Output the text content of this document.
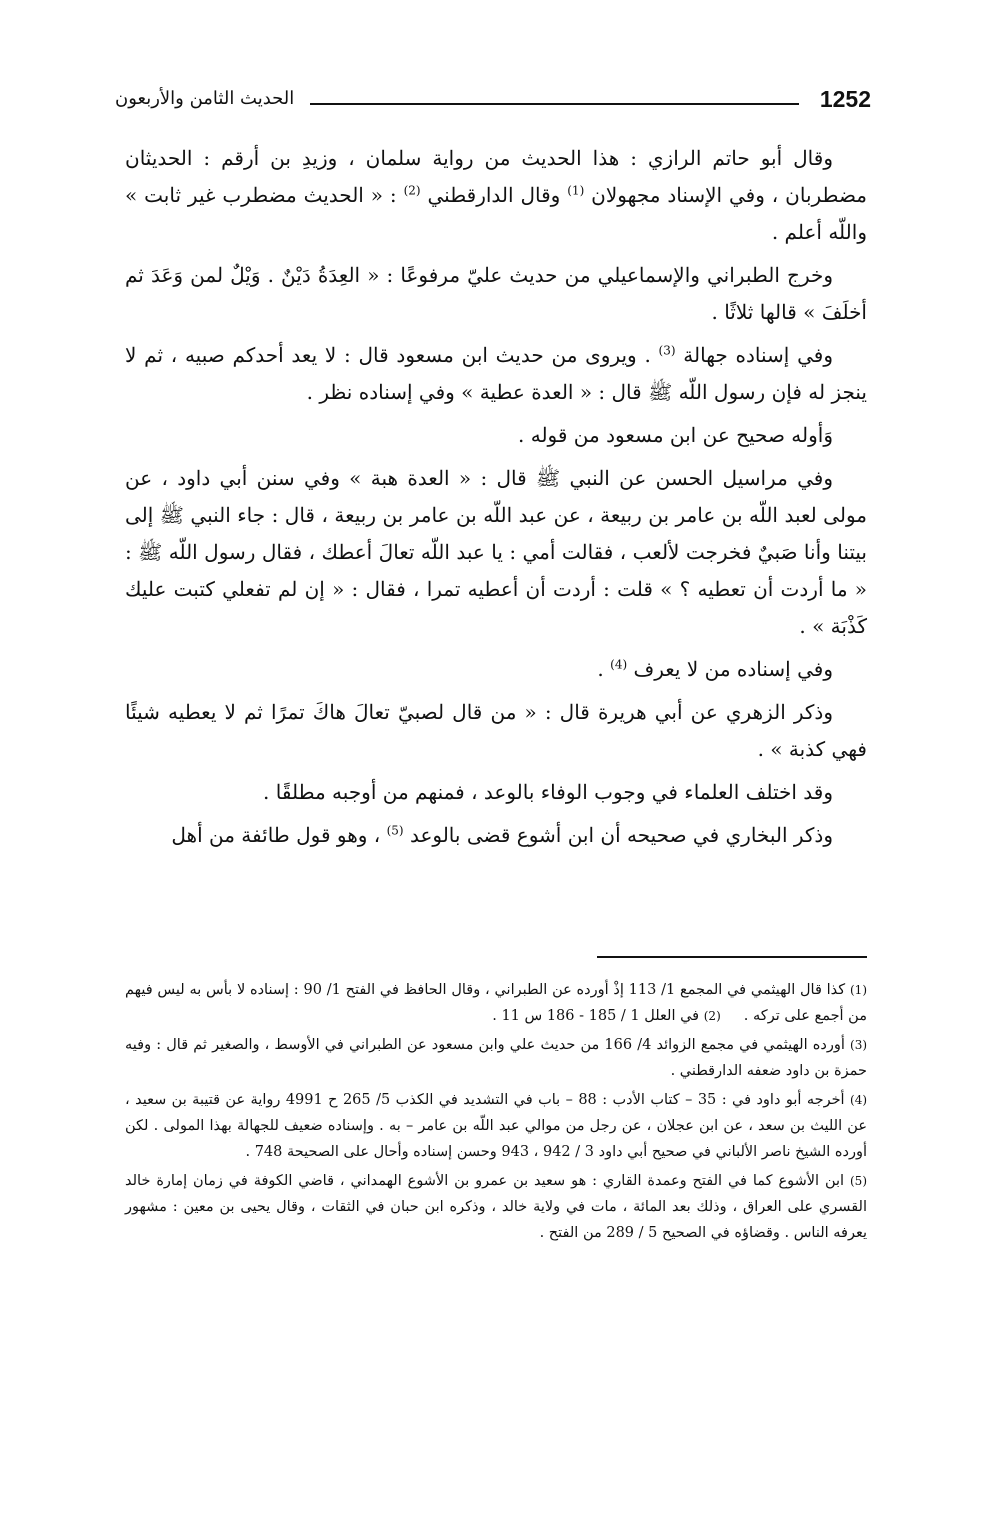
1252
الحديث الثامن والأربعون

وقال أبو حاتم الرازي : هذا الحديث من رواية سلمان ، وزيدِ بن أرقم : الحديثان مضطربان ، وفي الإسناد مجهولان $^{(1)}$ وقال الدارقطني $^{(2)}$ : « الحديث مضطرب غير ثابت » واللّه أعلم .

وخرج الطبراني والإسماعيلي من حديث عليّ مرفوعًا : « العِدَةُ دَيْنٌ . وَيْلٌ لمن وَعَدَ ثم أخلَفَ » قالها ثلاثًا .

وفي إسناده جهالة $^{(3)}$ . ويروى من حديث ابن مسعود قال : لا يعد أحدكم صبيه ، ثم لا ينجز له فإن رسول اللّه ﷺ قال : « العدة عطية » وفي إسناده نظر .

وَأوله صحيح عن ابن مسعود من قوله .

وفي مراسيل الحسن عن النبي ﷺ قال : « العدة هبة » وفي سنن أبي داود ، عن مولى لعبد اللّه بن عامر بن ربيعة ، عن عبد اللّه بن عامر بن ربيعة ، قال : جاء النبي ﷺ إلى بيتنا وأنا صَبيٌ فخرجت لألعب ، فقالت أمي : يا عبد اللّه تعالَ أعطك ، فقال رسول اللّه ﷺ : « ما أردت أن تعطيه ؟ » قلت : أردت أن أعطيه تمرا ، فقال : « إن لم تفعلي كتبت عليك كَذْبَة » .

وفي إسناده من لا يعرف $^{(4)}$ .

وذكر الزهري عن أبي هريرة قال : « من قال لصبيّ تعالَ هاكَ تمرًا ثم لا يعطيه شيئًا فهي كذبة » .

وقد اختلف العلماء في وجوب الوفاء بالوعد ، فمنهم من أوجبه مطلقًا .

وذكر البخاري في صحيحه أن ابن أشوع قضى بالوعد $^{(5)}$ ، وهو قول طائفة من أهل

(1) كذا قال الهيثمي في المجمع 1/ 113 إذْ أورده عن الطبراني ، وقال الحافظ في الفتح 1/ 90 : إسناده لا بأس به ليس فيهم من أجمع على تركه .     (2) في العلل 1 / 185 - 186 س 11 .

(3) أورده الهيثمي في مجمع الزوائد 4/ 166 من حديث علي وابن مسعود عن الطبراني في الأوسط ، والصغير ثم قال : وفيه حمزة بن داود ضعفه الدارقطني .

(4) أخرجه أبو داود في : 35 – كتاب الأدب : 88 – باب في التشديد في الكذب 5/ 265 ح 4991 رواية عن قتيبة بن سعيد ، عن الليث بن سعد ، عن ابن عجلان ، عن رجل من موالي عبد اللّه بن عامر – به . وإسناده ضعيف للجهالة بهذا المولى . لكن أورده الشيخ ناصر الألباني في صحيح أبي داود 3 / 942 ، 943 وحسن إسناده وأحال على الصحيحة 748 .

(5) ابن الأشوع كما في الفتح وعمدة القاري : هو سعيد بن عمرو بن الأشوع الهمداني ، قاضي الكوفة في زمان إمارة خالد القسري على العراق ، وذلك بعد المائة ، مات في ولاية خالد ، وذكره ابن حبان في الثقات ، وقال يحيى بن معين : مشهور يعرفه الناس . وقضاؤه في الصحيح 5 / 289 من الفتح .
